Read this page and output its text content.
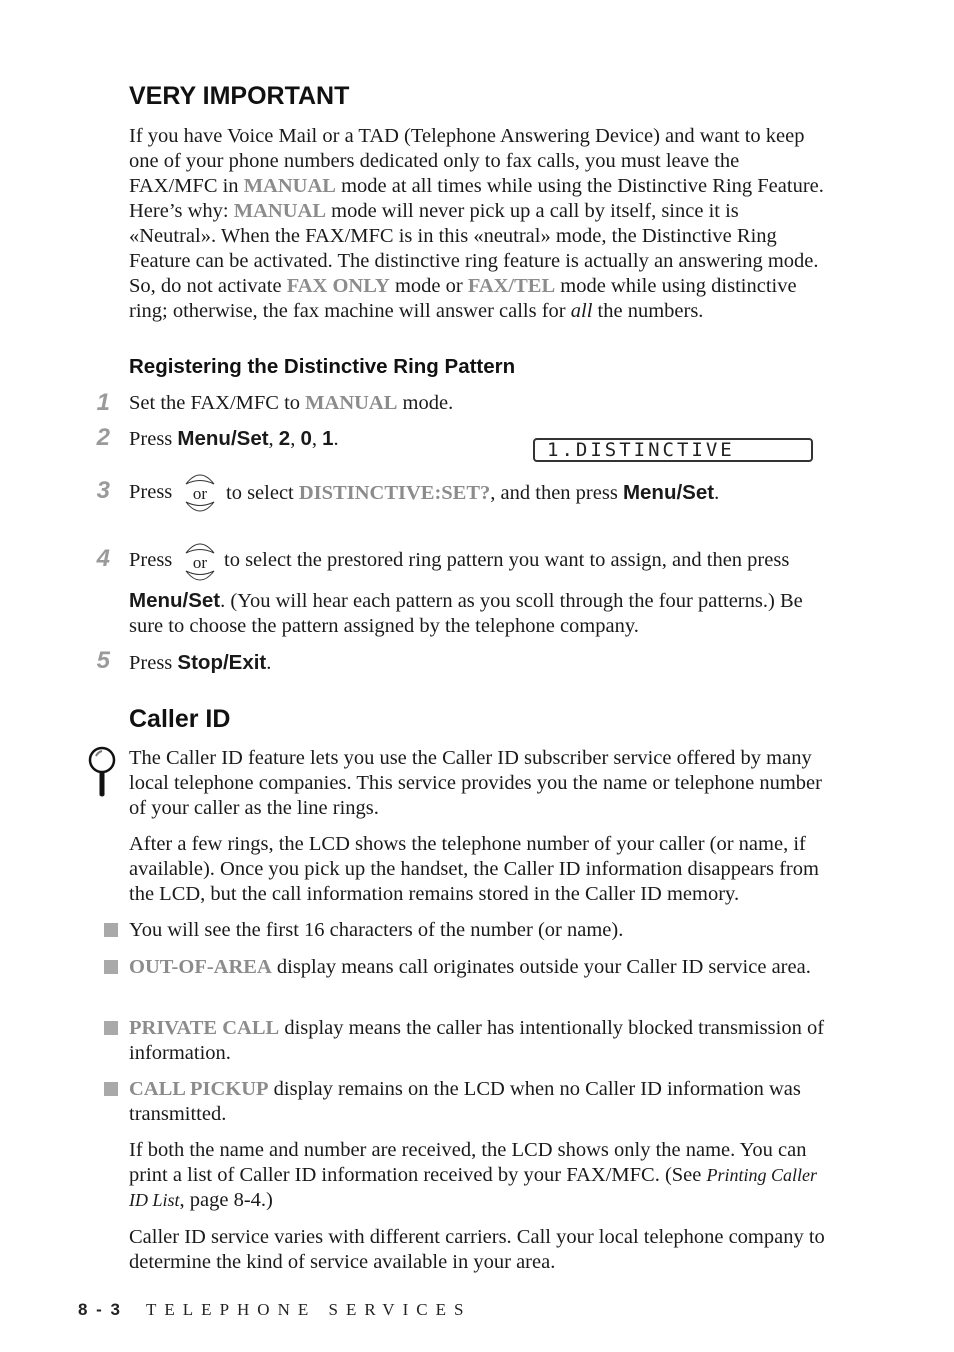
VERY IMPORTANT

If you have Voice Mail or a TAD (Telephone Answering Device) and want to keep one of your phone numbers dedicated only to fax calls, you must leave the FAX/MFC in MANUAL mode at all times while using the Distinctive Ring Feature. Here’s why: MANUAL mode will never pick up a call by itself, since it is «Neutral». When the FAX/MFC is in this «neutral» mode, the Distinctive Ring Feature can be activated. The distinctive ring feature is actually an answering mode. So, do not activate FAX ONLY mode or FAX/TEL mode while using distinctive ring; otherwise, the fax machine will answer calls for all the numbers.

Registering the Distinctive Ring Pattern
1 Set the FAX/MFC to MANUAL mode.
2 Press Menu/Set, 2, 0, 1.	1.DISTINCTIVE
3 Press	or to select DISTINCTIVE:SET?, and then press Menu/Set.
4 Press	or to select the prestored ring pattern you want to assign, and then press
Menu/Set. (You will hear each pattern as you scoll through the four patterns.) Be sure to choose the pattern assigned by the telephone company.
5 Press Stop/Exit.
Caller ID

The Caller ID feature lets you use the Caller ID subscriber service offered by many local telephone companies. This service provides you the name or telephone number of your caller as the line rings.

After a few rings, the LCD shows the telephone number of your caller (or name, if available). Once you pick up the handset, the Caller ID information disappears from the LCD, but the call information remains stored in the Caller ID memory.

You will see the first 16 characters of the number (or name).

OUT-OF-AREA display means call originates outside your Caller ID service area.

PRIVATE CALL display means the caller has intentionally blocked transmission of information.

CALL PICKUP display remains on the LCD when no Caller ID information was transmitted.

If both the name and number are received, the LCD shows only the name. You can print a list of Caller ID information received by your FAX/MFC. (See Printing Caller ID List, page 8-4.)

Caller ID service varies with different carriers. Call your local telephone company to determine the kind of service available in your area.

8 - 3 TELEPHONE SERVICES
